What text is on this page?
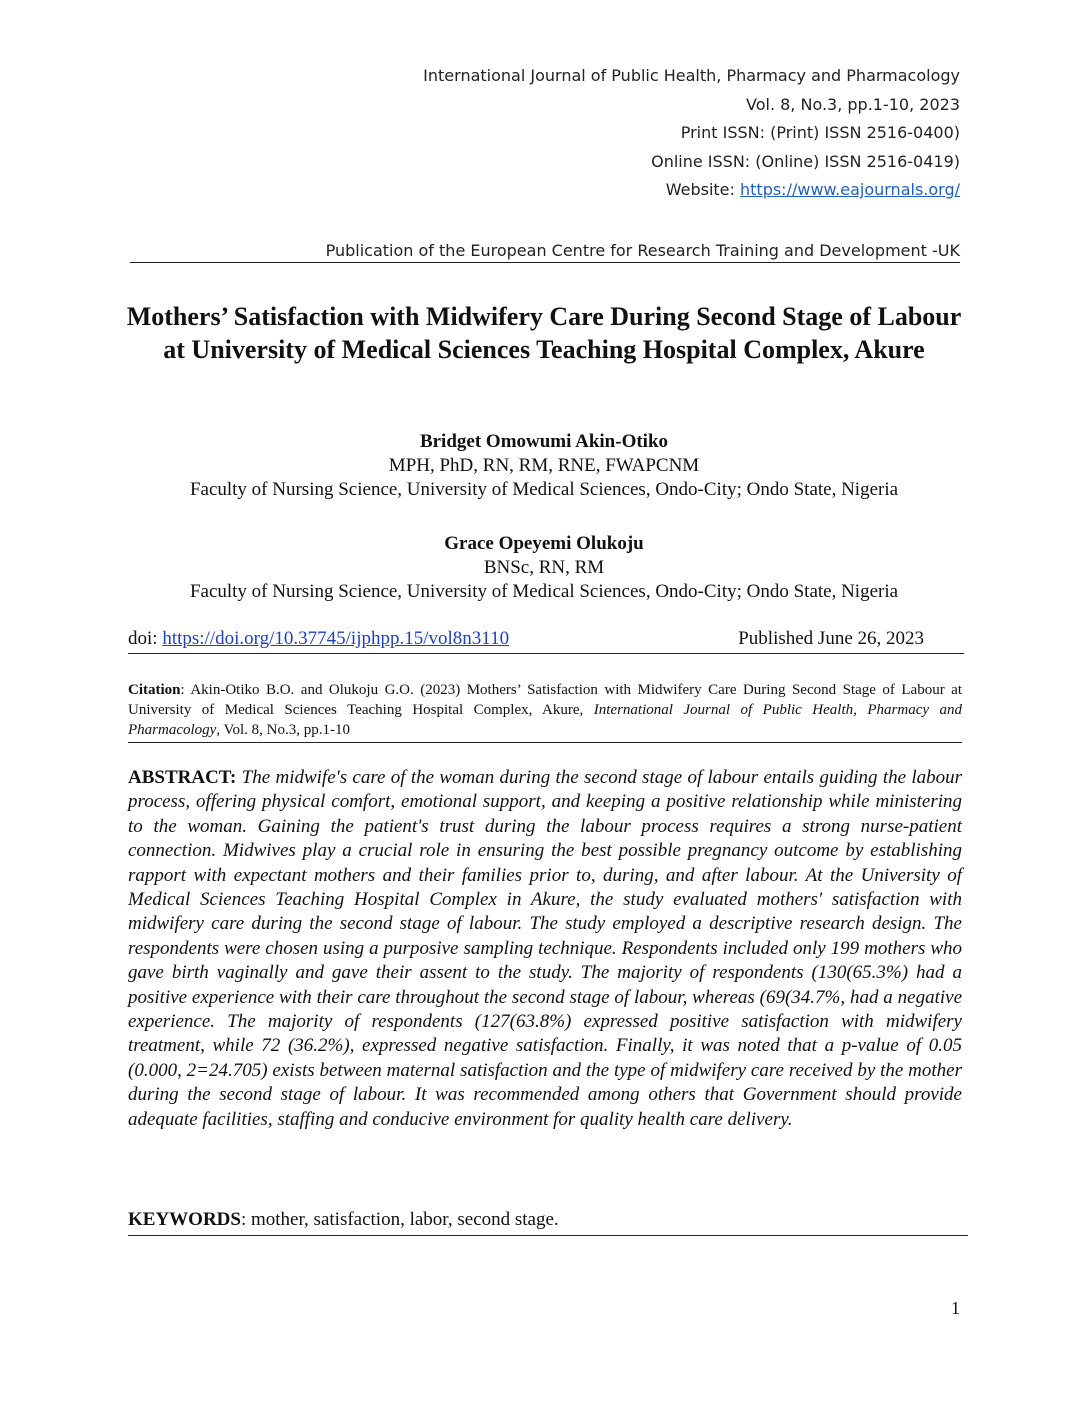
International Journal of Public Health, Pharmacy and Pharmacology
Vol. 8, No.3, pp.1-10, 2023
Print ISSN: (Print) ISSN 2516-0400)
Online ISSN: (Online) ISSN 2516-0419)
Website: https://www.eajournals.org/
Publication of the European Centre for Research Training and Development -UK
Mothers’ Satisfaction with Midwifery Care During Second Stage of Labour at University of Medical Sciences Teaching Hospital Complex, Akure
Bridget Omowumi Akin-Otiko
MPH, PhD, RN, RM, RNE, FWAPCNM
Faculty of Nursing Science, University of Medical Sciences, Ondo-City; Ondo State, Nigeria
Grace Opeyemi Olukoju
BNSc, RN, RM
Faculty of Nursing Science, University of Medical Sciences, Ondo-City; Ondo State, Nigeria
doi: https://doi.org/10.37745/ijphpp.15/vol8n3110	Published June 26, 2023
Citation: Akin-Otiko B.O. and Olukoju G.O. (2023) Mothers’ Satisfaction with Midwifery Care During Second Stage of Labour at University of Medical Sciences Teaching Hospital Complex, Akure, International Journal of Public Health, Pharmacy and Pharmacology, Vol. 8, No.3, pp.1-10
ABSTRACT: The midwife's care of the woman during the second stage of labour entails guiding the labour process, offering physical comfort, emotional support, and keeping a positive relationship while ministering to the woman. Gaining the patient's trust during the labour process requires a strong nurse-patient connection. Midwives play a crucial role in ensuring the best possible pregnancy outcome by establishing rapport with expectant mothers and their families prior to, during, and after labour. At the University of Medical Sciences Teaching Hospital Complex in Akure, the study evaluated mothers' satisfaction with midwifery care during the second stage of labour. The study employed a descriptive research design. The respondents were chosen using a purposive sampling technique. Respondents included only 199 mothers who gave birth vaginally and gave their assent to the study. The majority of respondents (130(65.3%) had a positive experience with their care throughout the second stage of labour, whereas (69(34.7%, had a negative experience. The majority of respondents (127(63.8%) expressed positive satisfaction with midwifery treatment, while 72 (36.2%), expressed negative satisfaction. Finally, it was noted that a p-value of 0.05 (0.000, 2=24.705) exists between maternal satisfaction and the type of midwifery care received by the mother during the second stage of labour. It was recommended among others that Government should provide adequate facilities, staffing and conducive environment for quality health care delivery.
KEYWORDS: mother, satisfaction, labor, second stage.
1
